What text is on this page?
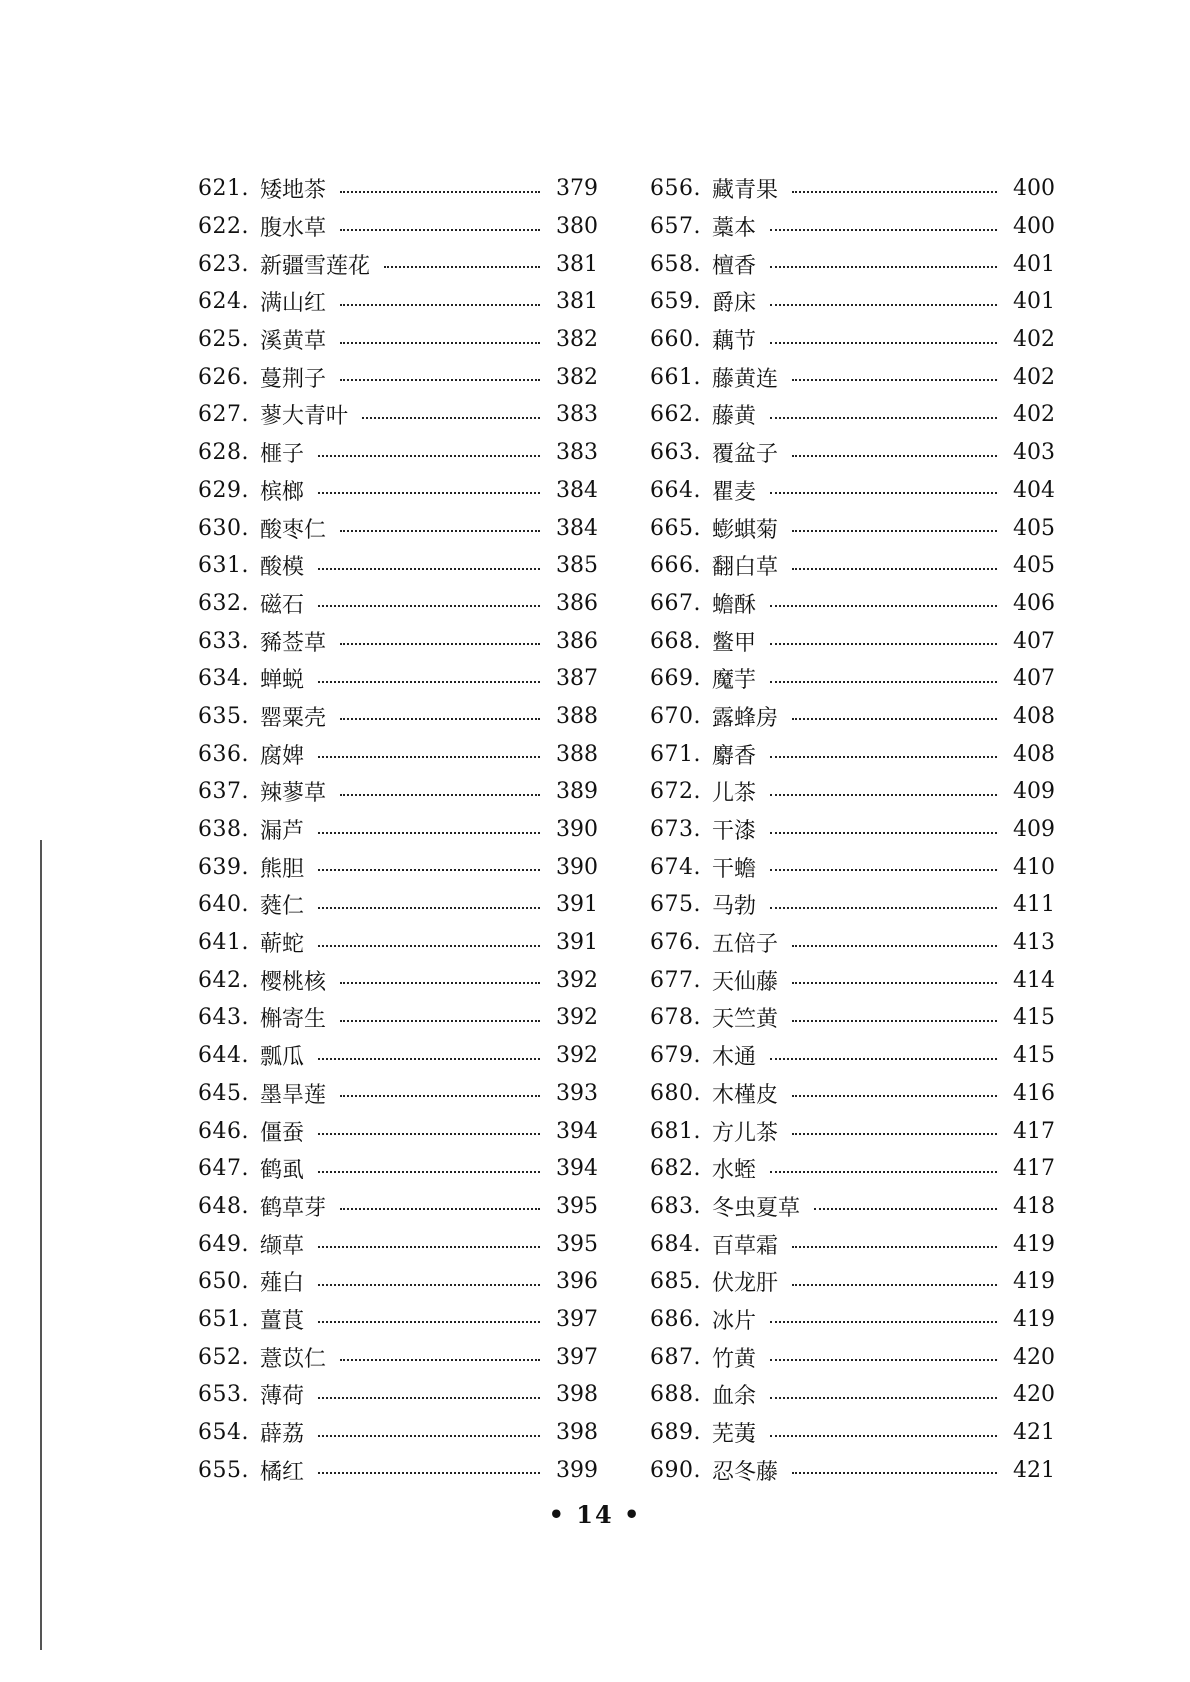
621. 矮地茶	379
622. 腹水草	380
623. 新疆雪莲花	381
624. 满山红	381
625. 溪黄草	382
626. 蔓荆子	382
627. 蓼大青叶	383
628. 榧子	383
629. 槟榔	384
630. 酸枣仁	384
631. 酸模	385
632. 磁石	386
633. 豨莶草	386
634. 蝉蜕	387
635. 罂粟壳	388
636. 腐婢	388
637. 辣蓼草	389
638. 漏芦	390
639. 熊胆	390
640. 蕤仁	391
641. 蕲蛇	391
642. 樱桃核	392
643. 槲寄生	392
644. 瓢瓜	392
645. 墨旱莲	393
646. 僵蚕	394
647. 鹤虱	394
648. 鹤草芽	395
649. 缬草	395
650. 薤白	396
651. 薑茛	397
652. 薏苡仁	397
653. 薄荷	398
654. 薜荔	398
655. 橘红	399
656. 藏青果	400
657. 藁本	400
658. 檀香	401
659. 爵床	401
660. 藕节	402
661. 藤黄连	402
662. 藤黄	402
663. 覆盆子	403
664. 瞿麦	404
665. 蟛蜞菊	405
666. 翻白草	405
667. 蟾酥	406
668. 鳖甲	407
669. 魔芋	407
670. 露蜂房	408
671. 麝香	408
672. 儿茶	409
673. 干漆	409
674. 干蟾	410
675. 马勃	411
676. 五倍子	413
677. 天仙藤	414
678. 天竺黄	415
679. 木通	415
680. 木槿皮	416
681. 方儿茶	417
682. 水蛭	417
683. 冬虫夏草	418
684. 百草霜	419
685. 伏龙肝	419
686. 冰片	419
687. 竹黄	420
688. 血余	420
689. 芜荑	421
690. 忍冬藤	421
• 14 •
